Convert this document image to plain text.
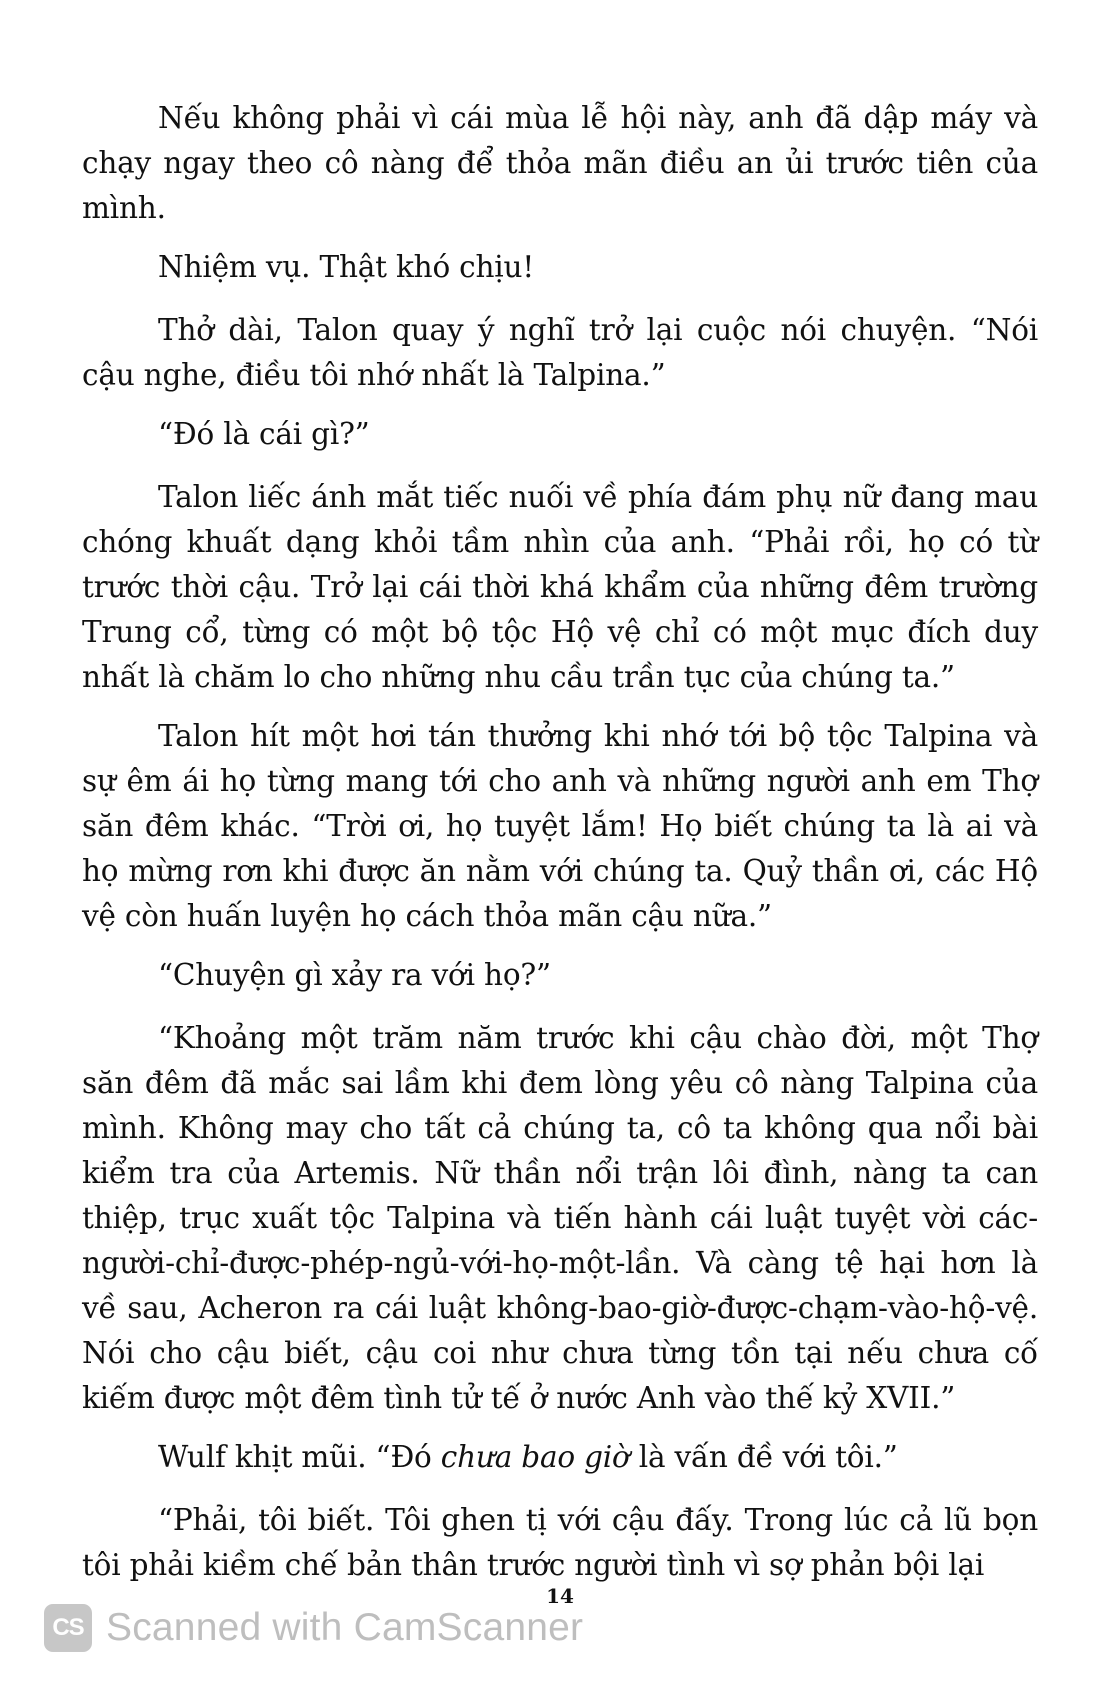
Nếu không phải vì cái mùa lễ hội này, anh đã dập máy và chạy ngay theo cô nàng để thỏa mãn điều an ủi trước tiên của mình.

Nhiệm vụ. Thật khó chịu!

Thở dài, Talon quay ý nghĩ trở lại cuộc nói chuyện. “Nói cậu nghe, điều tôi nhớ nhất là Talpina.”

“Đó là cái gì?”

Talon liếc ánh mắt tiếc nuối về phía đám phụ nữ đang mau chóng khuất dạng khỏi tầm nhìn của anh. “Phải rồi, họ có từ trước thời cậu. Trở lại cái thời khá khẩm của những đêm trường Trung cổ, từng có một bộ tộc Hộ vệ chỉ có một mục đích duy nhất là chăm lo cho những nhu cầu trần tục của chúng ta.”

Talon hít một hơi tán thưởng khi nhớ tới bộ tộc Talpina và sự êm ái họ từng mang tới cho anh và những người anh em Thợ săn đêm khác. “Trời ơi, họ tuyệt lắm! Họ biết chúng ta là ai và họ mừng rơn khi được ăn nằm với chúng ta. Quỷ thần ơi, các Hộ vệ còn huấn luyện họ cách thỏa mãn cậu nữa.”

“Chuyện gì xảy ra với họ?”

“Khoảng một trăm năm trước khi cậu chào đời, một Thợ săn đêm đã mắc sai lầm khi đem lòng yêu cô nàng Talpina của mình. Không may cho tất cả chúng ta, cô ta không qua nổi bài kiểm tra của Artemis. Nữ thần nổi trận lôi đình, nàng ta can thiệp, trục xuất tộc Talpina và tiến hành cái luật tuyệt vời các-người-chỉ-được-phép-ngủ-với-họ-một-lần. Và càng tệ hại hơn là về sau, Acheron ra cái luật không-bao-giờ-được-chạm-vào-hộ-vệ. Nói cho cậu biết, cậu coi như chưa từng tồn tại nếu chưa cố kiếm được một đêm tình tử tế ở nước Anh vào thế kỷ XVII.”

Wulf khịt mũi. “Đó chưa bao giờ là vấn đề với tôi.”

“Phải, tôi biết. Tôi ghen tị với cậu đấy. Trong lúc cả lũ bọn tôi phải kiềm chế bản thân trước người tình vì sợ phản bội lại

14
CS Scanned with CamScanner
